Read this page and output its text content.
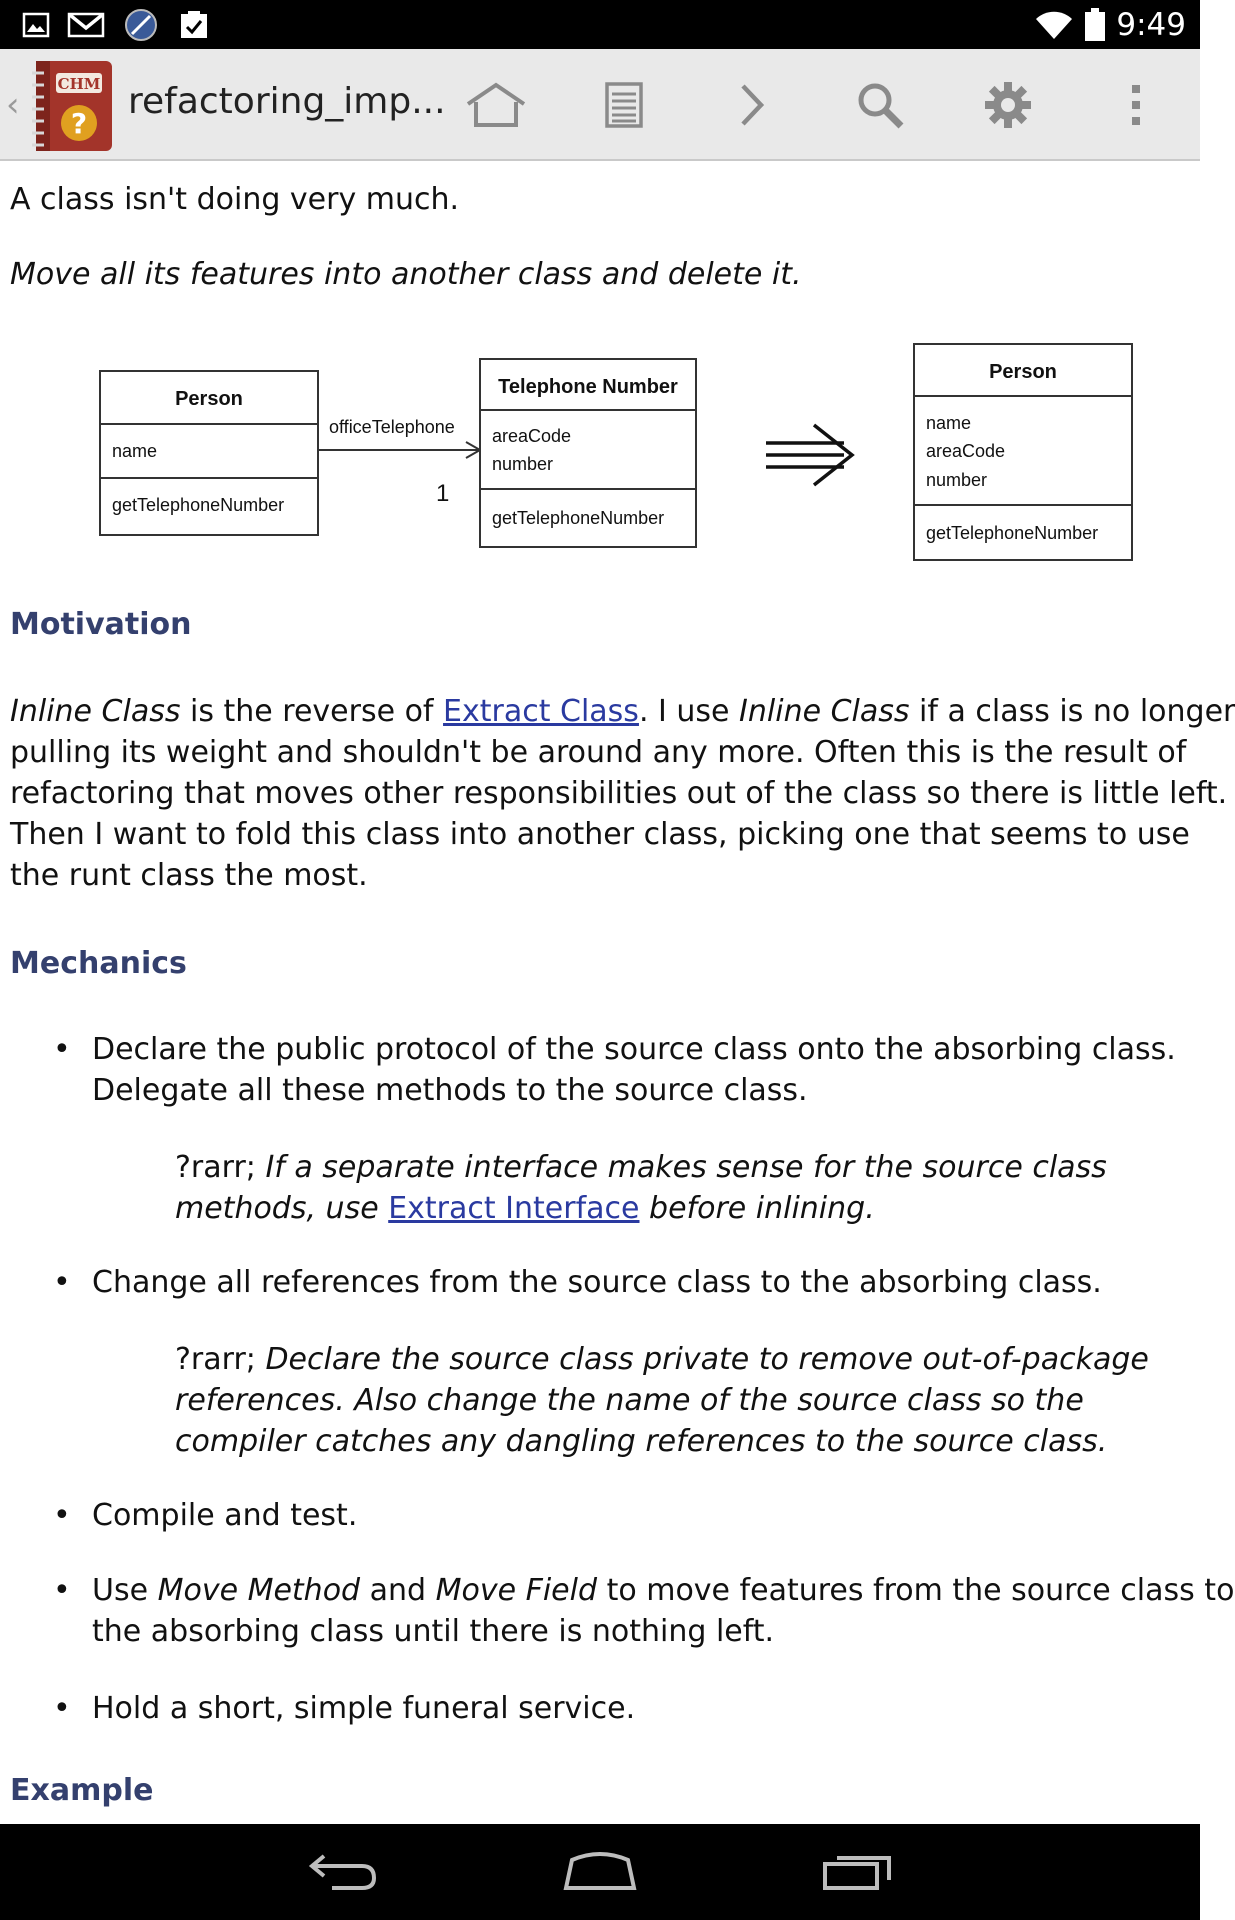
9:49
‹
CHM
?
refactoring_imp...

A class isn't doing very much.

Move all its features into another class and delete it.

Person
name
getTelephoneNumber
officeTelephone
1
Telephone Number
areaCode
number
getTelephoneNumber
Person
name
areaCode
number
getTelephoneNumber
Motivation

Inline Class is the reverse of Extract Class. I use Inline Class if a class is no longer
pulling its weight and shouldn't be around any more. Often this is the result of
refactoring that moves other responsibilities out of the class so there is little left.
Then I want to fold this class into another class, picking one that seems to use
the runt class the most.

Mechanics
• Declare the public protocol of the source class onto the absorbing class.
Delegate all these methods to the source class.

?rarr; If a separate interface makes sense for the source class
methods, use Extract Interface before inlining.

• Change all references from the source class to the absorbing class.

?rarr; Declare the source class private to remove out-of-package
references. Also change the name of the source class so the
compiler catches any dangling references to the source class.

• Compile and test.

• Use Move Method and Move Field to move features from the source class to
the absorbing class until there is nothing left.

• Hold a short, simple funeral service.

Example
